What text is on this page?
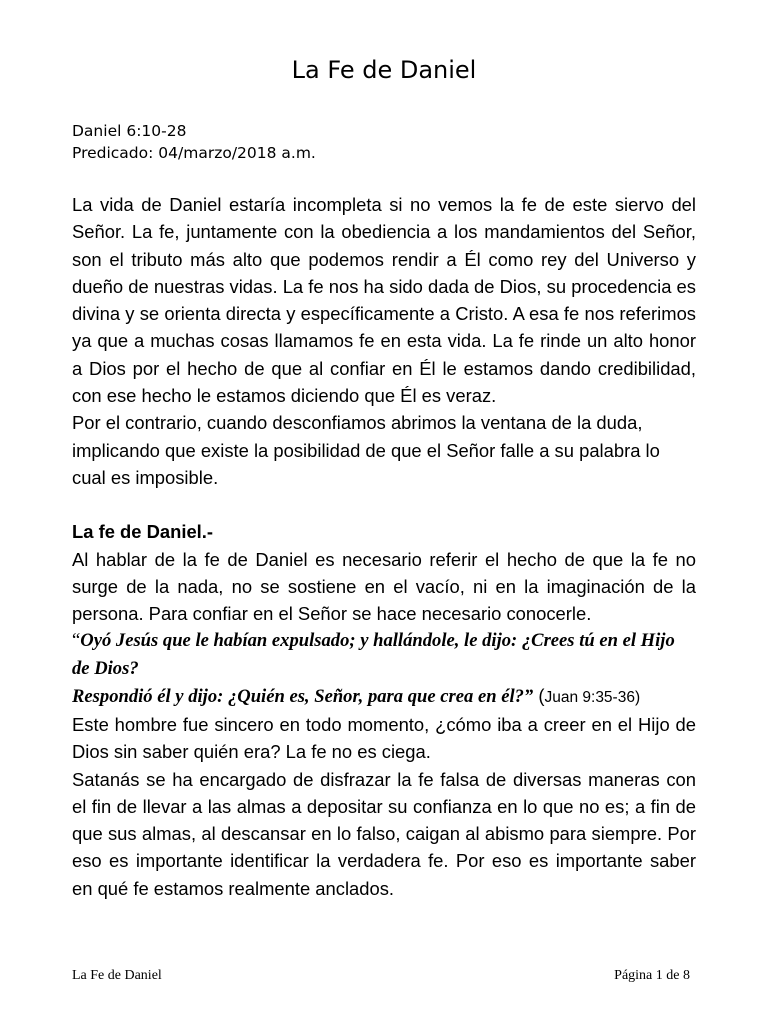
La Fe de Daniel
Daniel 6:10-28
Predicado: 04/marzo/2018 a.m.

La vida de Daniel estaría incompleta si no vemos la fe de este siervo del Señor. La fe, juntamente con la obediencia a los mandamientos del Señor, son el tributo más alto que podemos rendir a Él como rey del Universo y dueño de nuestras vidas. La fe nos ha sido dada de Dios, su procedencia es divina y se orienta directa y específicamente a Cristo. A esa fe nos referimos ya que a muchas cosas llamamos fe en esta vida. La fe rinde un alto honor a Dios por el hecho de que al confiar en Él le estamos dando credibilidad, con ese hecho le estamos diciendo que Él es veraz.

Por el contrario, cuando desconfiamos abrimos la ventana de la duda, implicando que existe la posibilidad de que el Señor falle a su palabra lo cual es imposible.

La fe de Daniel.-

Al hablar de la fe de Daniel es necesario referir el hecho de que la fe no surge de la nada, no se sostiene en el vacío, ni en la imaginación de la persona. Para confiar en el Señor se hace necesario conocerle.

“Oyó Jesús que le habían expulsado; y hallándole, le dijo: ¿Crees tú en el Hijo de Dios?

Respondió él y dijo: ¿Quién es, Señor, para que crea en él?” (Juan 9:35-36)

Este hombre fue sincero en todo momento, ¿cómo iba a creer en el Hijo de Dios sin saber quién era? La fe no es ciega.

Satanás se ha encargado de disfrazar la fe falsa de diversas maneras con el fin de llevar a las almas a depositar su confianza en lo que no es; a fin de que sus almas, al descansar en lo falso, caigan al abismo para siempre. Por eso es importante identificar la verdadera fe. Por eso es importante saber en qué fe estamos realmente anclados.

La Fe de Daniel	Página 1 de 8
